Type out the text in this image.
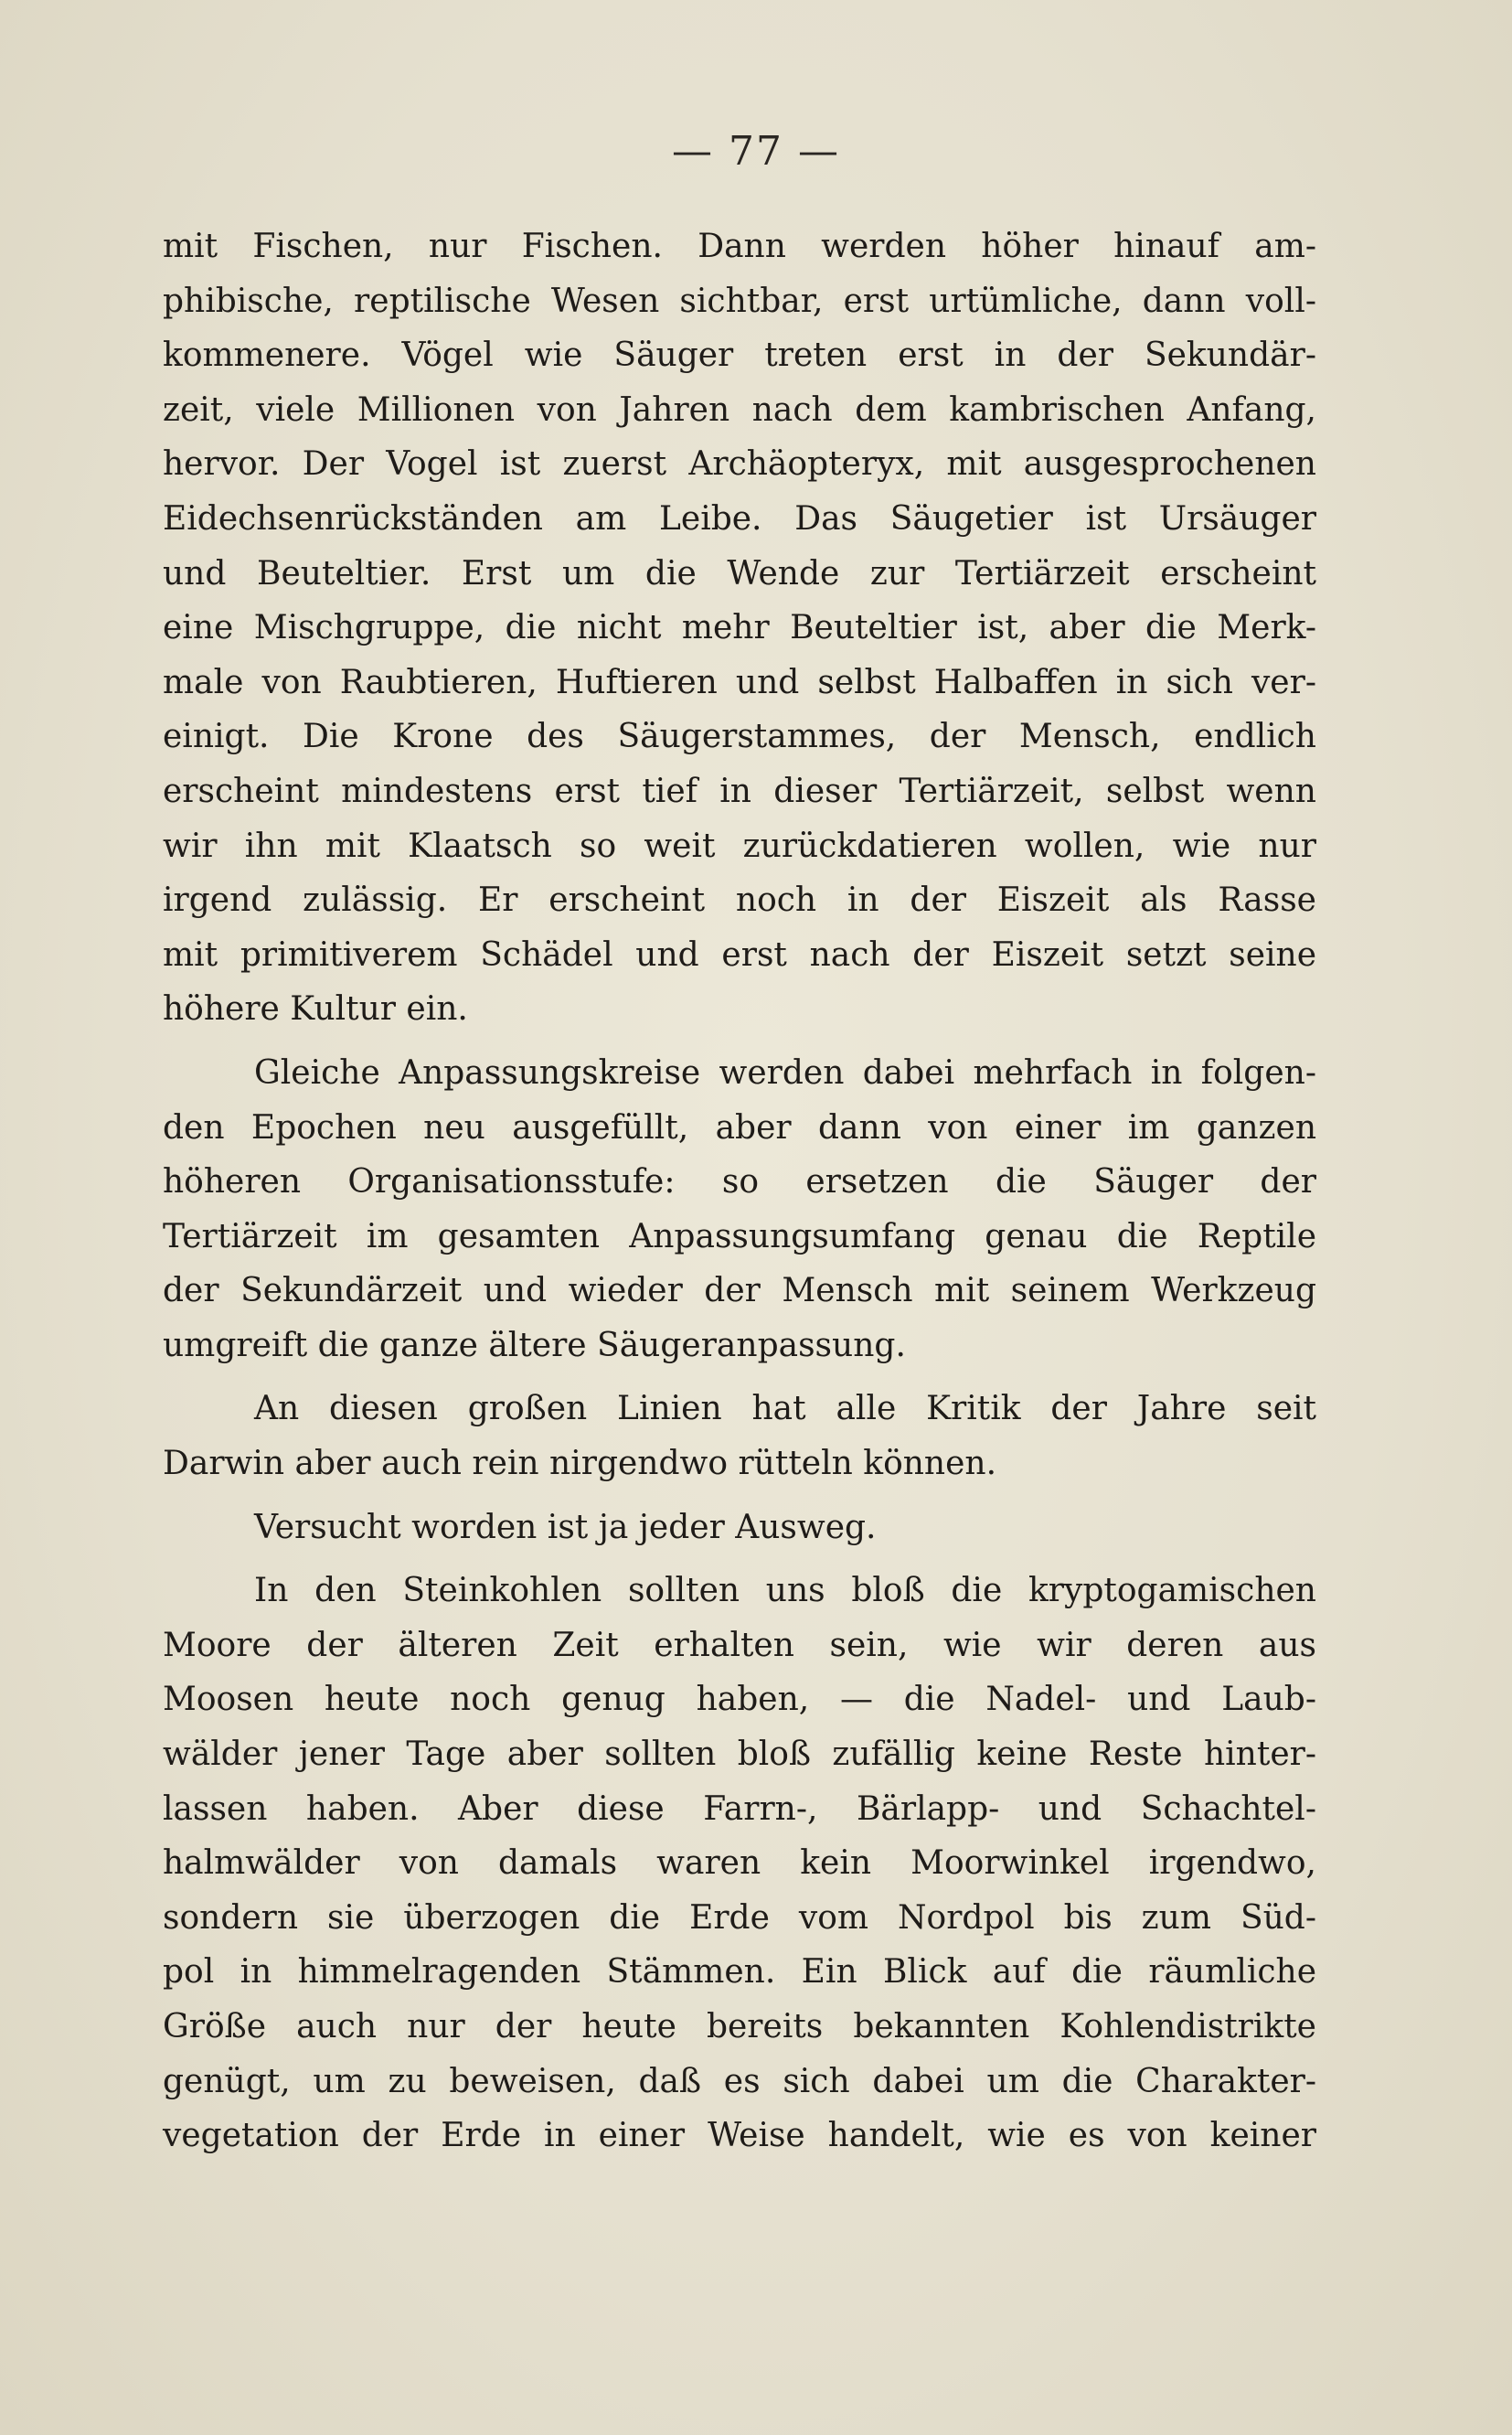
— 77 —
mit Fischen, nur Fischen. Dann werden höher hinauf am-
phibische, reptilische Wesen sichtbar, erst urtümliche, dann voll-
kommenere. Vögel wie Säuger treten erst in der Sekundär-
zeit, viele Millionen von Jahren nach dem kambrischen Anfang,
hervor. Der Vogel ist zuerst Archäopteryx, mit ausgesprochenen
Eidechsenrückständen am Leibe. Das Säugetier ist Ursäuger
und Beuteltier. Erst um die Wende zur Tertiärzeit erscheint
eine Mischgruppe, die nicht mehr Beuteltier ist, aber die Merk-
male von Raubtieren, Huftieren und selbst Halbaffen in sich ver-
einigt. Die Krone des Säugerstammes, der Mensch, endlich
erscheint mindestens erst tief in dieser Tertiärzeit, selbst wenn
wir ihn mit Klaatsch so weit zurückdatieren wollen, wie nur
irgend zulässig. Er erscheint noch in der Eiszeit als Rasse
mit primitiverem Schädel und erst nach der Eiszeit setzt seine
höhere Kultur ein.
Gleiche Anpassungskreise werden dabei mehrfach in folgen-
den Epochen neu ausgefüllt, aber dann von einer im ganzen
höheren Organisationsstufe: so ersetzen die Säuger der
Tertiärzeit im gesamten Anpassungsumfang genau die Reptile
der Sekundärzeit und wieder der Mensch mit seinem Werkzeug
umgreift die ganze ältere Säugeranpassung.
An diesen großen Linien hat alle Kritik der Jahre seit
Darwin aber auch rein nirgendwo rütteln können.
Versucht worden ist ja jeder Ausweg.
In den Steinkohlen sollten uns bloß die kryptogamischen
Moore der älteren Zeit erhalten sein, wie wir deren aus
Moosen heute noch genug haben, — die Nadel- und Laub-
wälder jener Tage aber sollten bloß zufällig keine Reste hinter-
lassen haben. Aber diese Farrn-, Bärlapp- und Schachtel-
halmwälder von damals waren kein Moorwinkel irgendwo,
sondern sie überzogen die Erde vom Nordpol bis zum Süd-
pol in himmelragenden Stämmen. Ein Blick auf die räumliche
Größe auch nur der heute bereits bekannten Kohlendistrikte
genügt, um zu beweisen, daß es sich dabei um die Charakter-
vegetation der Erde in einer Weise handelt, wie es von keiner
